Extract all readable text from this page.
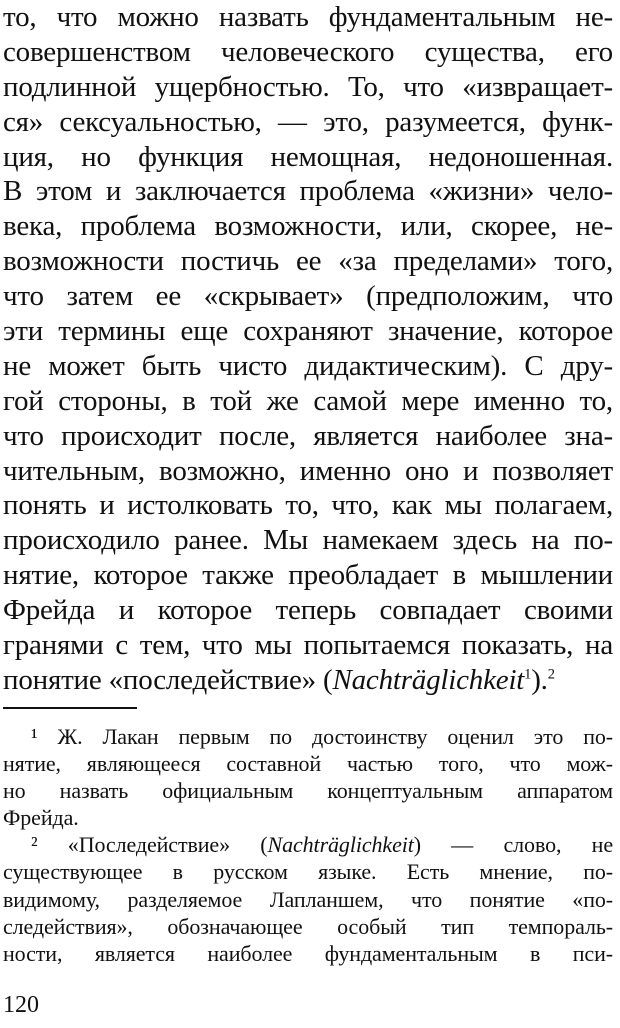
то, что можно назвать фундаментальным не-
совершенством человеческого существа, его
подлинной ущербностью. То, что «извращает-
ся» сексуальностью, — это, разумеется, функ-
ция, но функция немощная, недоношенная.
В этом и заключается проблема «жизни» чело-
века, проблема возможности, или, скорее, не-
возможности постичь ее «за пределами» того,
что затем ее «скрывает» (предположим, что
эти термины еще сохраняют значение, которое
не может быть чисто дидактическим). С дру-
гой стороны, в той же самой мере именно то,
что происходит после, является наиболее зна-
чительным, возможно, именно оно и позволяет
понять и истолковать то, что, как мы полагаем,
происходило ранее. Мы намекаем здесь на по-
нятие, которое также преобладает в мышлении
Фрейда и которое теперь совпадает своими
гранями с тем, что мы попытаемся показать, на
понятие «последействие» (Nachträglichkeit$^1$).$^2$
¹ Ж. Лакан первым по достоинству оценил это по-
нятие, являющееся составной частью того, что мож-
но назвать официальным концептуальным аппаратом
Фрейда.
² «Последействие» (Nachträglichkeit) — слово, не
существующее в русском языке. Есть мнение, по-
видимому, разделяемое Лапланшем, что понятие «по-
следействия», обозначающее особый тип темпораль-
ности, является наиболее фундаментальным в пси-
120
